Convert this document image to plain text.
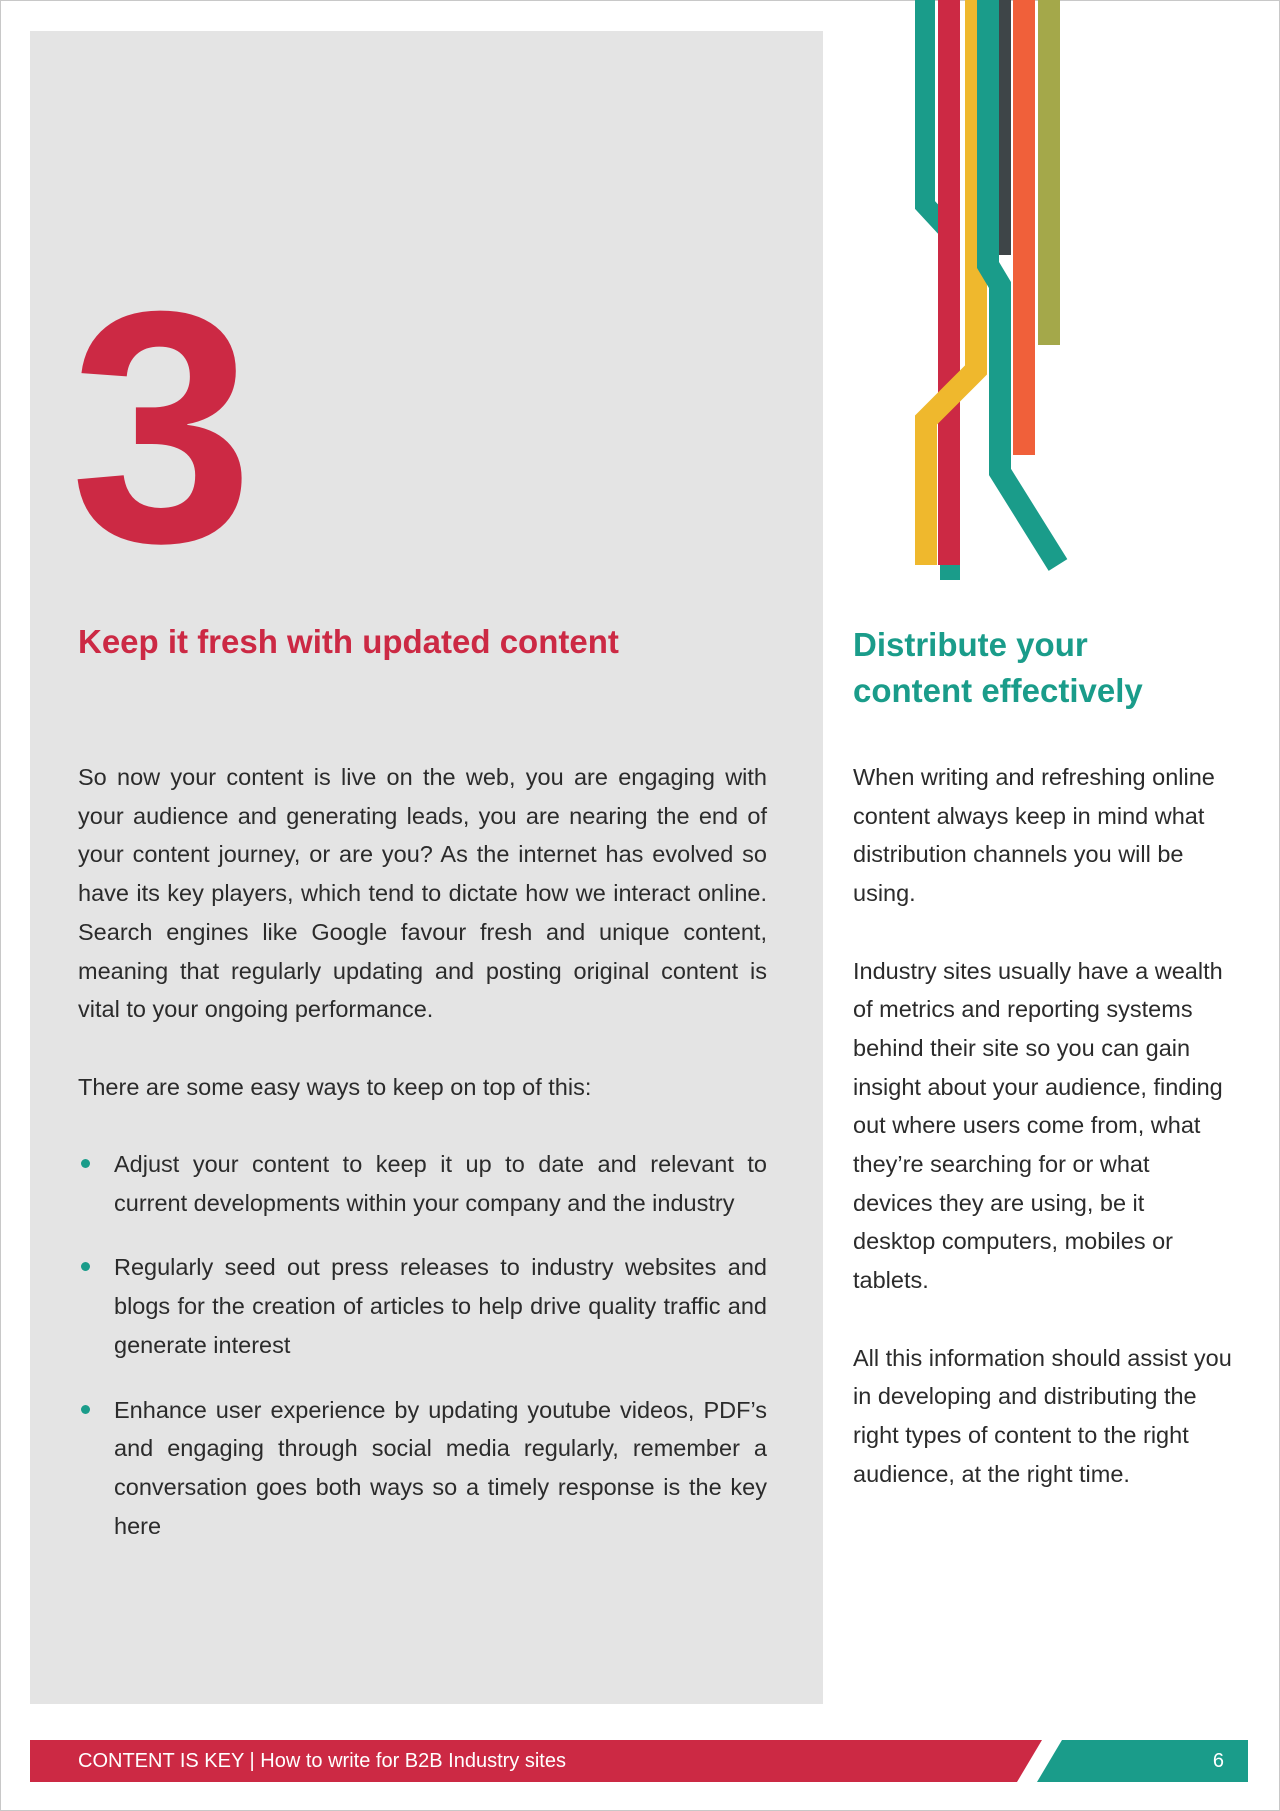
3
Keep it fresh with updated content

So now your content is live on the web, you are engaging with your audience and generating leads, you are nearing the end of your content journey, or are you? As the internet has evolved so have its key players, which tend to dictate how we interact online. Search engines like Google favour fresh and unique content, meaning that regularly updating and posting original content is vital to your ongoing performance.

There are some easy ways to keep on top of this:

Adjust your content to keep it up to date and relevant to current developments within your company and the industry
Regularly seed out press releases to industry websites and blogs for the creation of articles to help drive quality traffic and generate interest
Enhance user experience by updating youtube videos, PDF’s and engaging through social media regularly, remember a conversation goes both ways so a timely response is the key here
Distribute your content effectively

When writing and refreshing online content always keep in mind what distribution channels you will be using.

Industry sites usually have a wealth of metrics and reporting systems behind their site so you can gain insight about your audience, finding out where users come from, what they’re searching for or what devices they are using, be it desktop computers, mobiles or tablets.

All this information should assist you in developing and distributing the right types of content to the right audience, at the right time.

CONTENT IS KEY | How to write for B2B Industry sites	6
